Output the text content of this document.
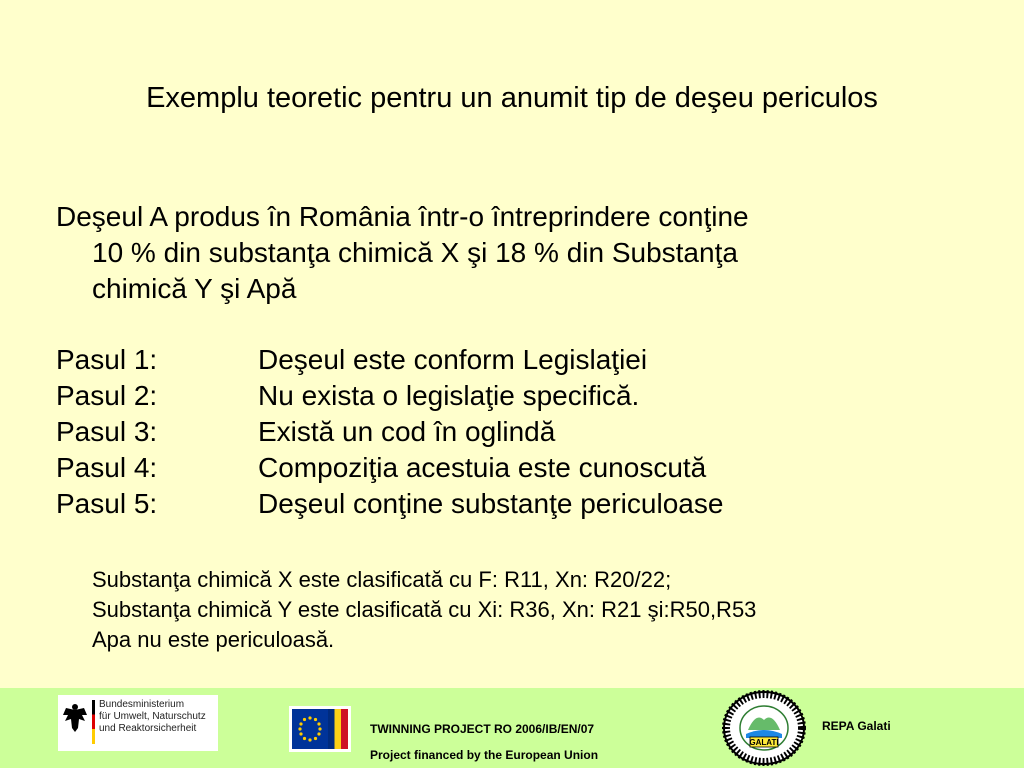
Exemplu teoretic pentru un anumit tip de deşeu periculos
Deşeul A produs în România într-o întreprindere conţine
10 % din substanţa chimică X şi 18 % din Substanţa
chimică Y şi Apă
Pasul 1:	Deşeul este conform Legislaţiei
Pasul 2:	Nu exista o legislaţie specifică.
Pasul 3:	Există un cod în oglindă
Pasul 4:	Compoziţia acestuia este cunoscută
Pasul 5:	Deşeul conţine substanţe periculoase
Substanţa chimică X este clasificată cu F: R11, Xn: R20/22;
Substanţa chimică Y este clasificată cu Xi: R36, Xn: R21 şi:R50,R53
Apa nu este periculoasă.
Bundesministerium
für Umwelt, Naturschutz
und Reaktorsicherheit	TWINNING PROJECT RO 2006/IB/EN/07
Project financed by the European Union
GALATI
REPA Galati
